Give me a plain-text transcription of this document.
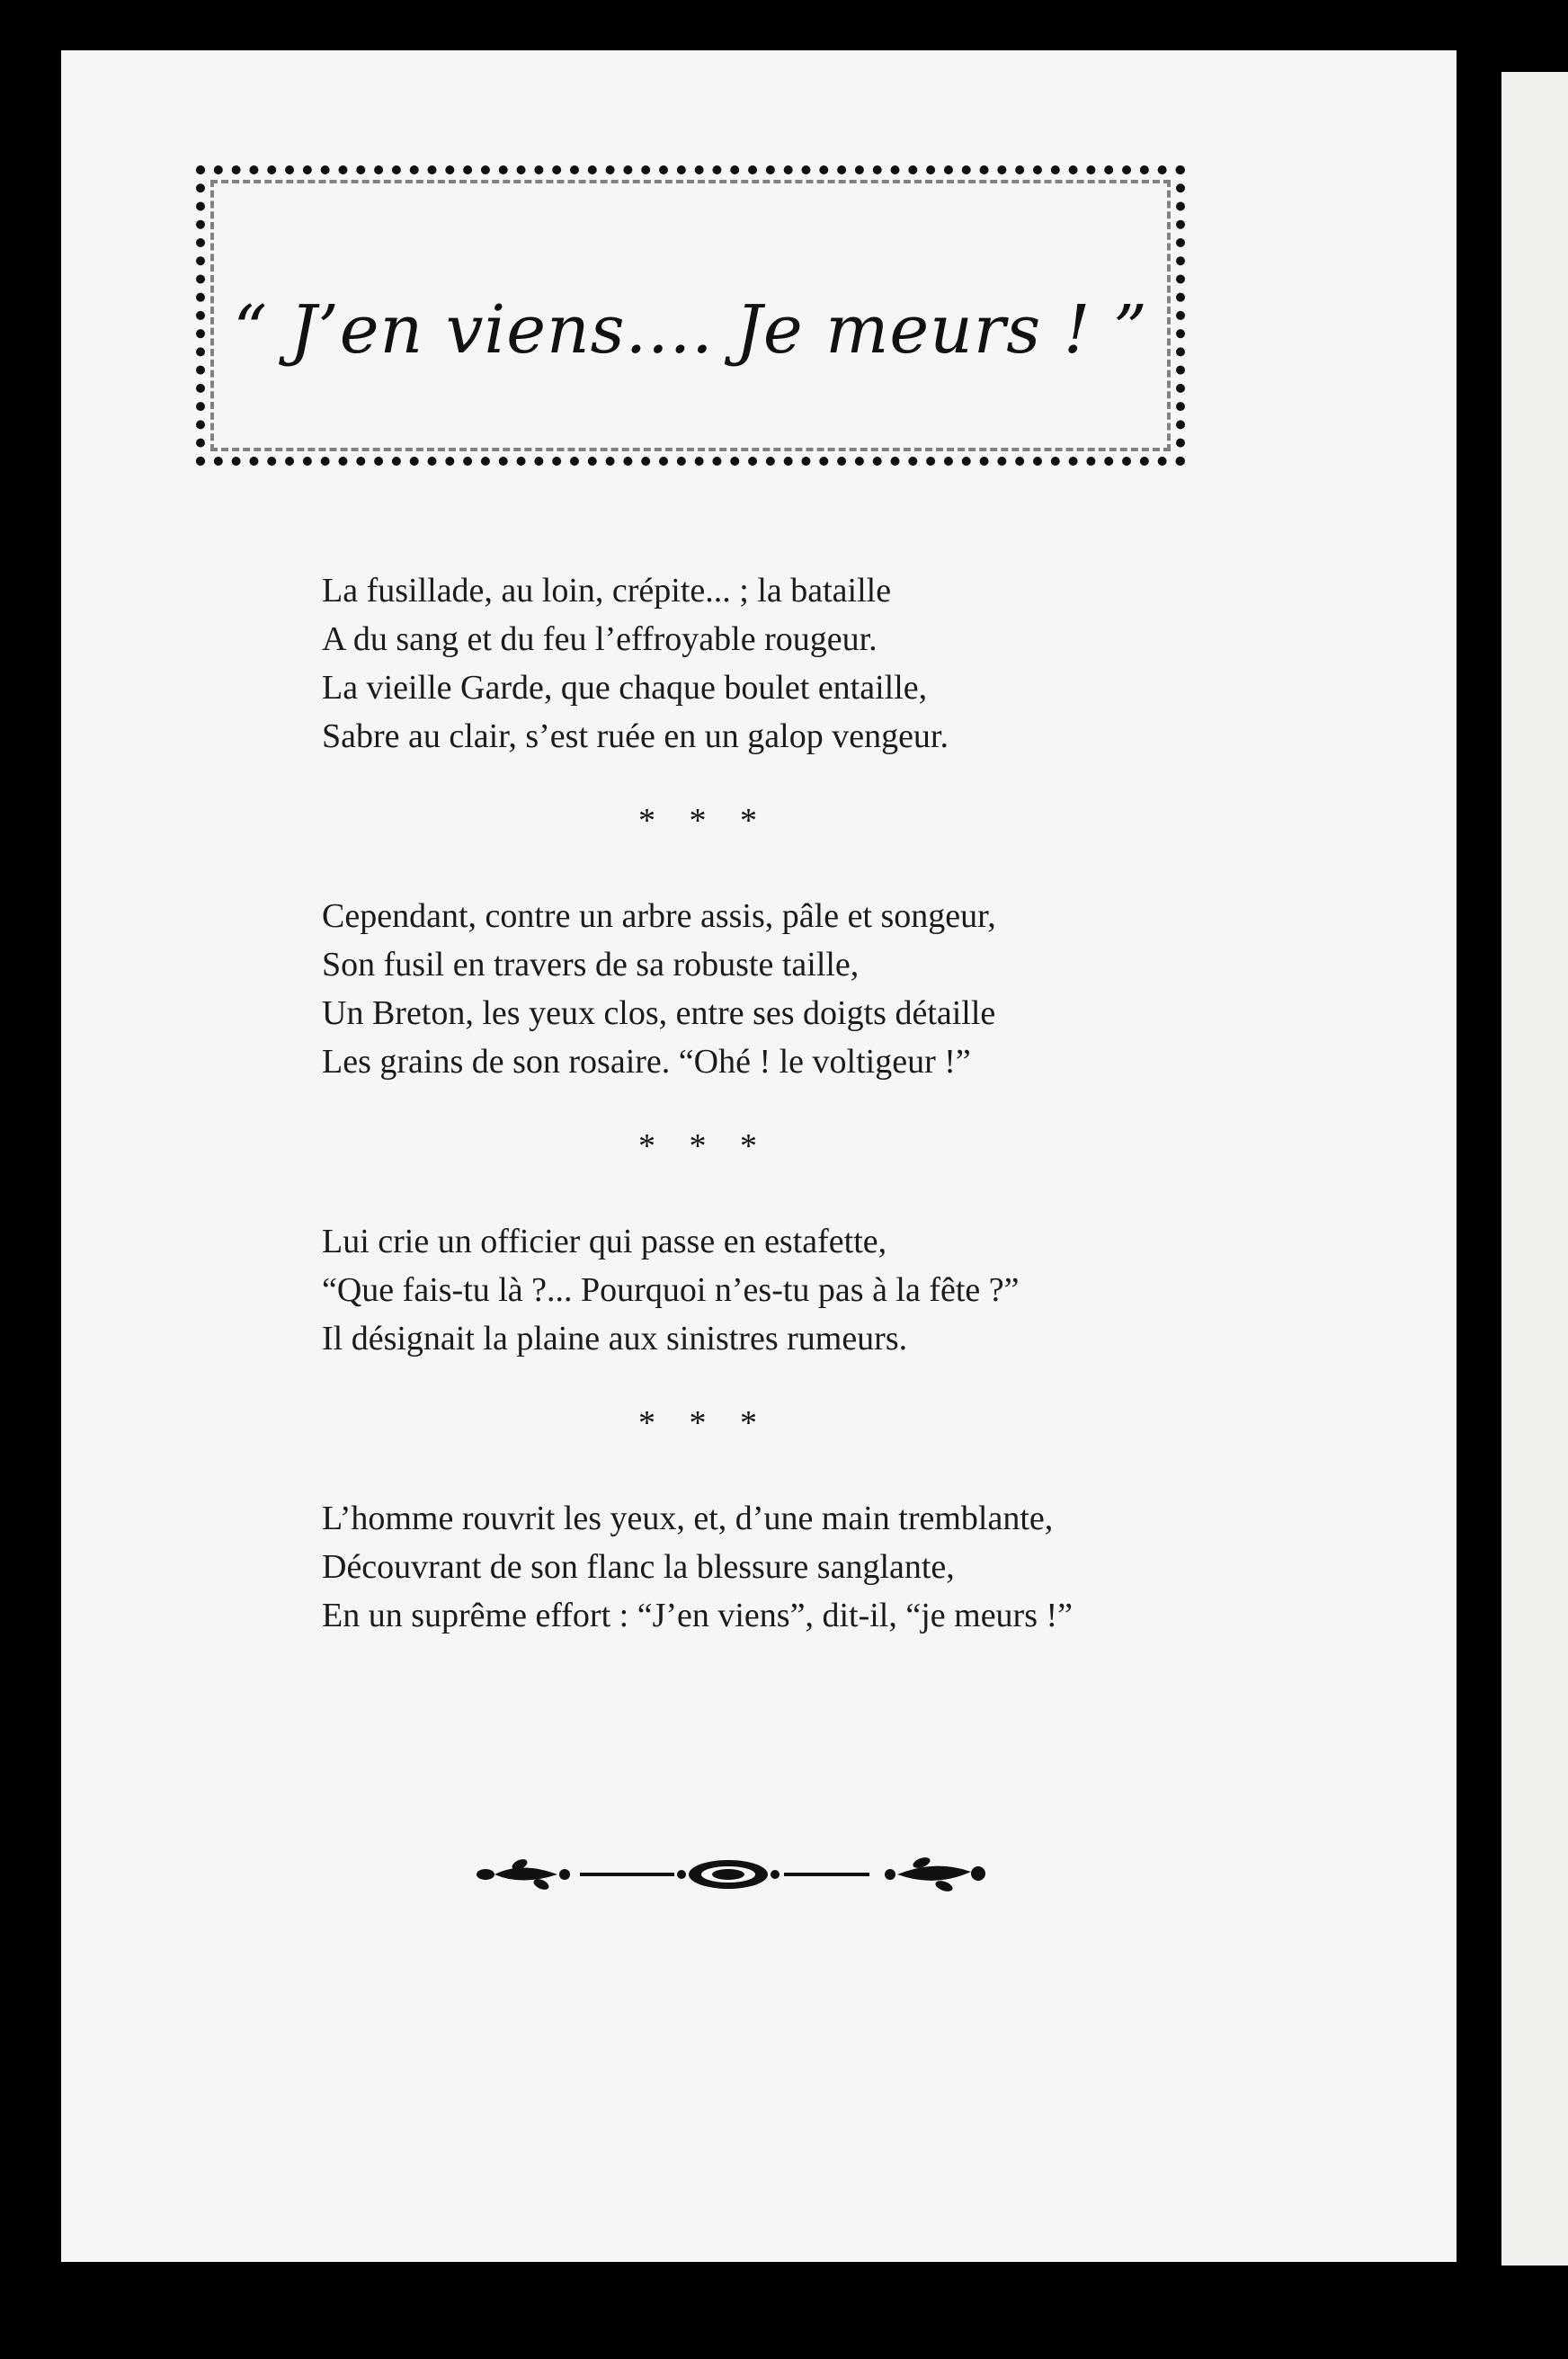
“ J’en viens.... Je meurs ! ”
La fusillade, au loin, crépite... ; la bataille
A du sang et du feu l’effroyable rougeur.
La vieille Garde, que chaque boulet entaille,
Sabre au clair, s’est ruée en un galop vengeur.
* * *
Cependant, contre un arbre assis, pâle et songeur,
Son fusil en travers de sa robuste taille,
Un Breton, les yeux clos, entre ses doigts détaille
Les grains de son rosaire. “Ohé ! le voltigeur !”
* * *
Lui crie un officier qui passe en estafette,
“Que fais-tu là ?... Pourquoi n’es-tu pas à la fête ?”
Il désignait la plaine aux sinistres rumeurs.
* * *
L’homme rouvrit les yeux, et, d’une main tremblante,
Découvrant de son flanc la blessure sanglante,
En un suprême effort : “J’en viens”, dit-il, “je meurs !”
